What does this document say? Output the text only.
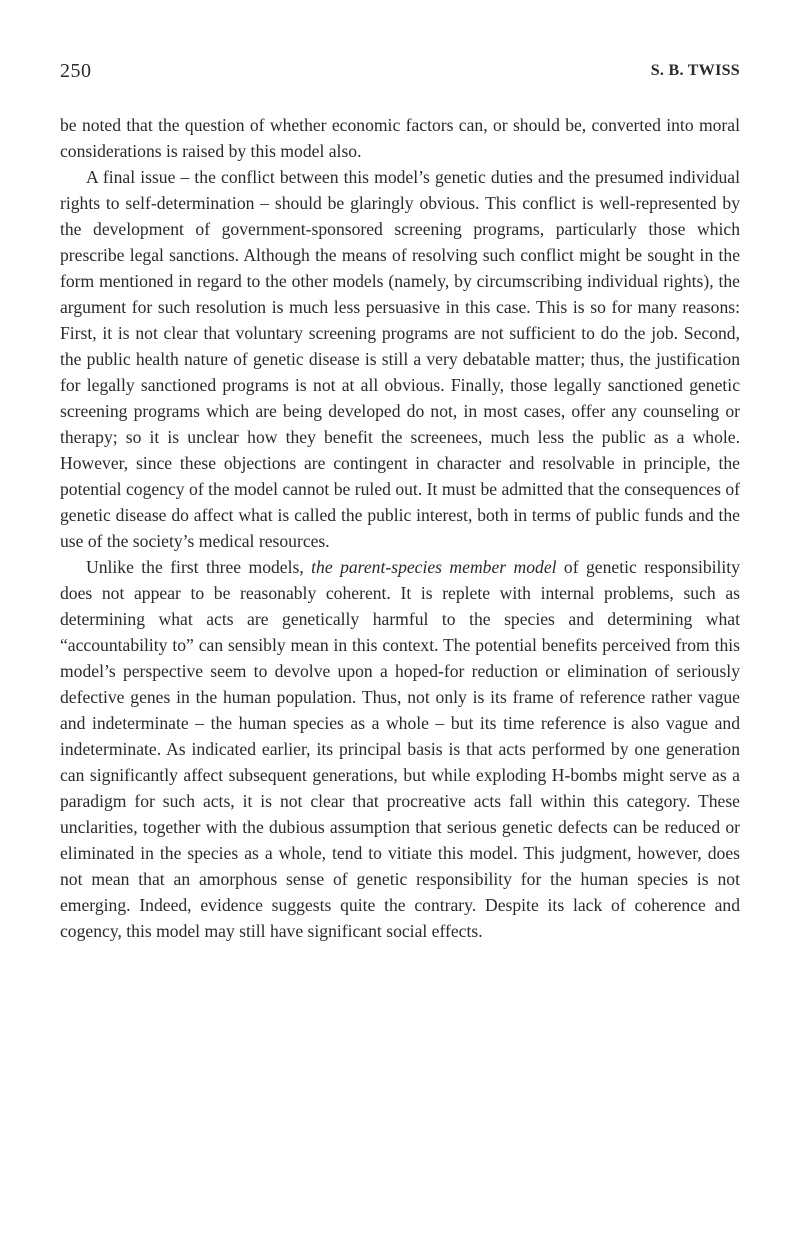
250	S. B. TWISS

be noted that the question of whether economic factors can, or should be, converted into moral considerations is raised by this model also.

A final issue – the conflict between this model’s genetic duties and the presumed individual rights to self-determination – should be glaringly obvious. This conflict is well-represented by the development of government-sponsored screening programs, particularly those which prescribe legal sanctions. Although the means of resolving such conflict might be sought in the form mentioned in regard to the other models (namely, by circumscribing individual rights), the argument for such resolution is much less persuasive in this case. This is so for many reasons: First, it is not clear that voluntary screening programs are not sufficient to do the job. Second, the public health nature of genetic disease is still a very debatable matter; thus, the justification for legally sanctioned programs is not at all obvious. Finally, those legally sanctioned genetic screening programs which are being developed do not, in most cases, offer any counseling or therapy; so it is unclear how they benefit the screenees, much less the public as a whole. However, since these objections are contingent in character and resolvable in principle, the potential cogency of the model cannot be ruled out. It must be admitted that the consequences of genetic disease do affect what is called the public interest, both in terms of public funds and the use of the society’s medical resources.

Unlike the first three models, the parent-species member model of genetic responsibility does not appear to be reasonably coherent. It is replete with internal problems, such as determining what acts are genetically harmful to the species and determining what “accountability to” can sensibly mean in this context. The potential benefits perceived from this model’s perspective seem to devolve upon a hoped-for reduction or elimination of seriously defective genes in the human population. Thus, not only is its frame of reference rather vague and indeterminate – the human species as a whole – but its time reference is also vague and indeterminate. As indicated earlier, its principal basis is that acts performed by one generation can significantly affect subsequent generations, but while exploding H-bombs might serve as a paradigm for such acts, it is not clear that procreative acts fall within this category. These unclarities, together with the dubious assumption that serious genetic defects can be reduced or eliminated in the species as a whole, tend to vitiate this model. This judgment, however, does not mean that an amorphous sense of genetic responsibility for the human species is not emerging. Indeed, evidence suggests quite the contrary. Despite its lack of coherence and cogency, this model may still have significant social effects.
